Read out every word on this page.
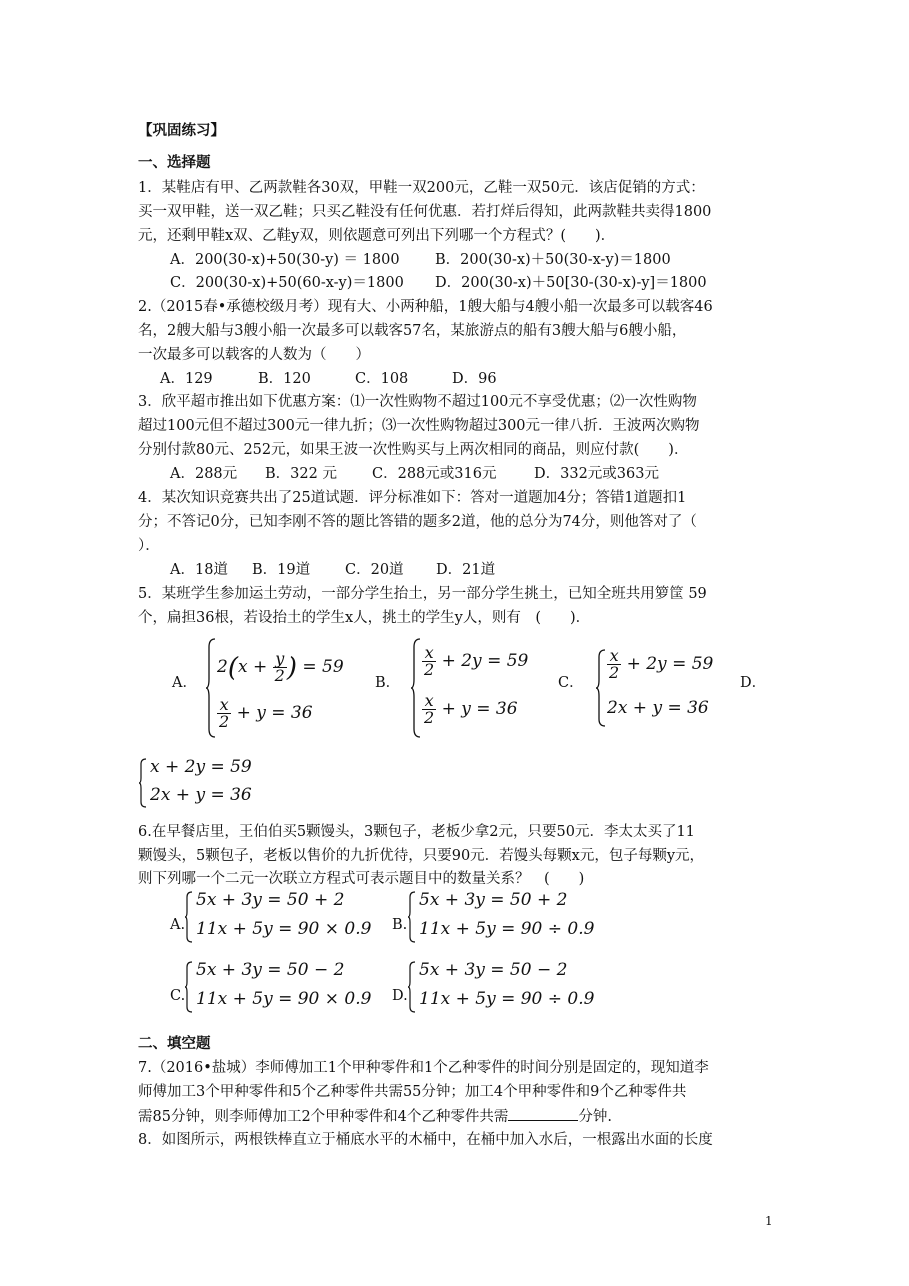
【巩固练习】
一、选择题
1．某鞋店有甲、乙两款鞋各30双，甲鞋一双200元，乙鞋一双50元．该店促销的方式：
买一双甲鞋，送一双乙鞋；只买乙鞋没有任何优惠．若打烊后得知，此两款鞋共卖得1800
元，还剩甲鞋x双、乙鞋y双，则依题意可列出下列哪一个方程式？(　　)．
A．200(30-x)+50(30-y) ＝ 1800 B．200(30-x)＋50(30-x-y)＝1800
C．200(30-x)+50(60-x-y)＝1800 D．200(30-x)＋50[30-(30-x)-y]＝1800
2.（2015春•承德校级月考）现有大、小两种船，1艘大船与4艘小船一次最多可以载客46
名，2艘大船与3艘小船一次最多可以载客57名，某旅游点的船有3艘大船与6艘小船，
一次最多可以载客的人数为（　　）
A．129	B．120	C．108	D．96
3．欣平超市推出如下优惠方案：⑴一次性购物不超过100元不享受优惠；⑵一次性购物
超过100元但不超过300元一律九折；⑶一次性购物超过300元一律八折．王波两次购物
分别付款80元、252元，如果王波一次性购买与上两次相同的商品，则应付款(　　)．
A．288元 B．322 元 C．288元或316元	D．332元或363元
4．某次知识竞赛共出了25道试题．评分标准如下：答对一道题加4分；答错1道题扣1
分；不答记0分，已知李刚不答的题比答错的题多2道，他的总分为74分，则他答对了（
）．
A．18道 B．19道 C．20道 D．21道
5．某班学生参加运土劳动，一部分学生抬土，另一部分学生挑土，已知全班共用箩筐 59
个，扁担36根，若设抬土的学生x人，挑土的学生y人，则有　(　　)．
A．
$2(x + \frac{y}{2}$ ) = 59
$\frac{x}{2} + y = 36$
B．
$\frac{x}{2} + 2y = 59$
$\frac{x}{2} + y = 36$
C．
$\frac{x}{2} + 2y = 59$
2x + y = 36
D．
x + 2y = 59
2x + y = 36
6.在早餐店里，王伯伯买5颗馒头，3颗包子，老板少拿2元，只要50元．李太太买了11
颗馒头，5颗包子，老板以售价的九折优待，只要90元．若馒头每颗x元，包子每颗y元，
则下列哪一个二元一次联立方程式可表示题目中的数量关系？　(　　)
A.
5x + 3y = 50 + 2
11x + 5y = 90 × 0.9 B.
5x + 3y = 50 + 2
11x + 5y = 90 ÷ 0.9
C.
5x + 3y = 50 − 2
11x + 5y = 90 × 0.9 D.
5x + 3y = 50 − 2
11x + 5y = 90 ÷ 0.9
二、填空题
7.（2016•盐城）李师傅加工1个甲种零件和1个乙种零件的时间分别是固定的，现知道李
师傅加工3个甲种零件和5个乙种零件共需55分钟；加工4个甲种零件和9个乙种零件共
需85分钟，则李师傅加工2个甲种零件和4个乙种零件共需	分钟.
8．如图所示，两根铁棒直立于桶底水平的木桶中，在桶中加入水后，一根露出水面的长度
1
